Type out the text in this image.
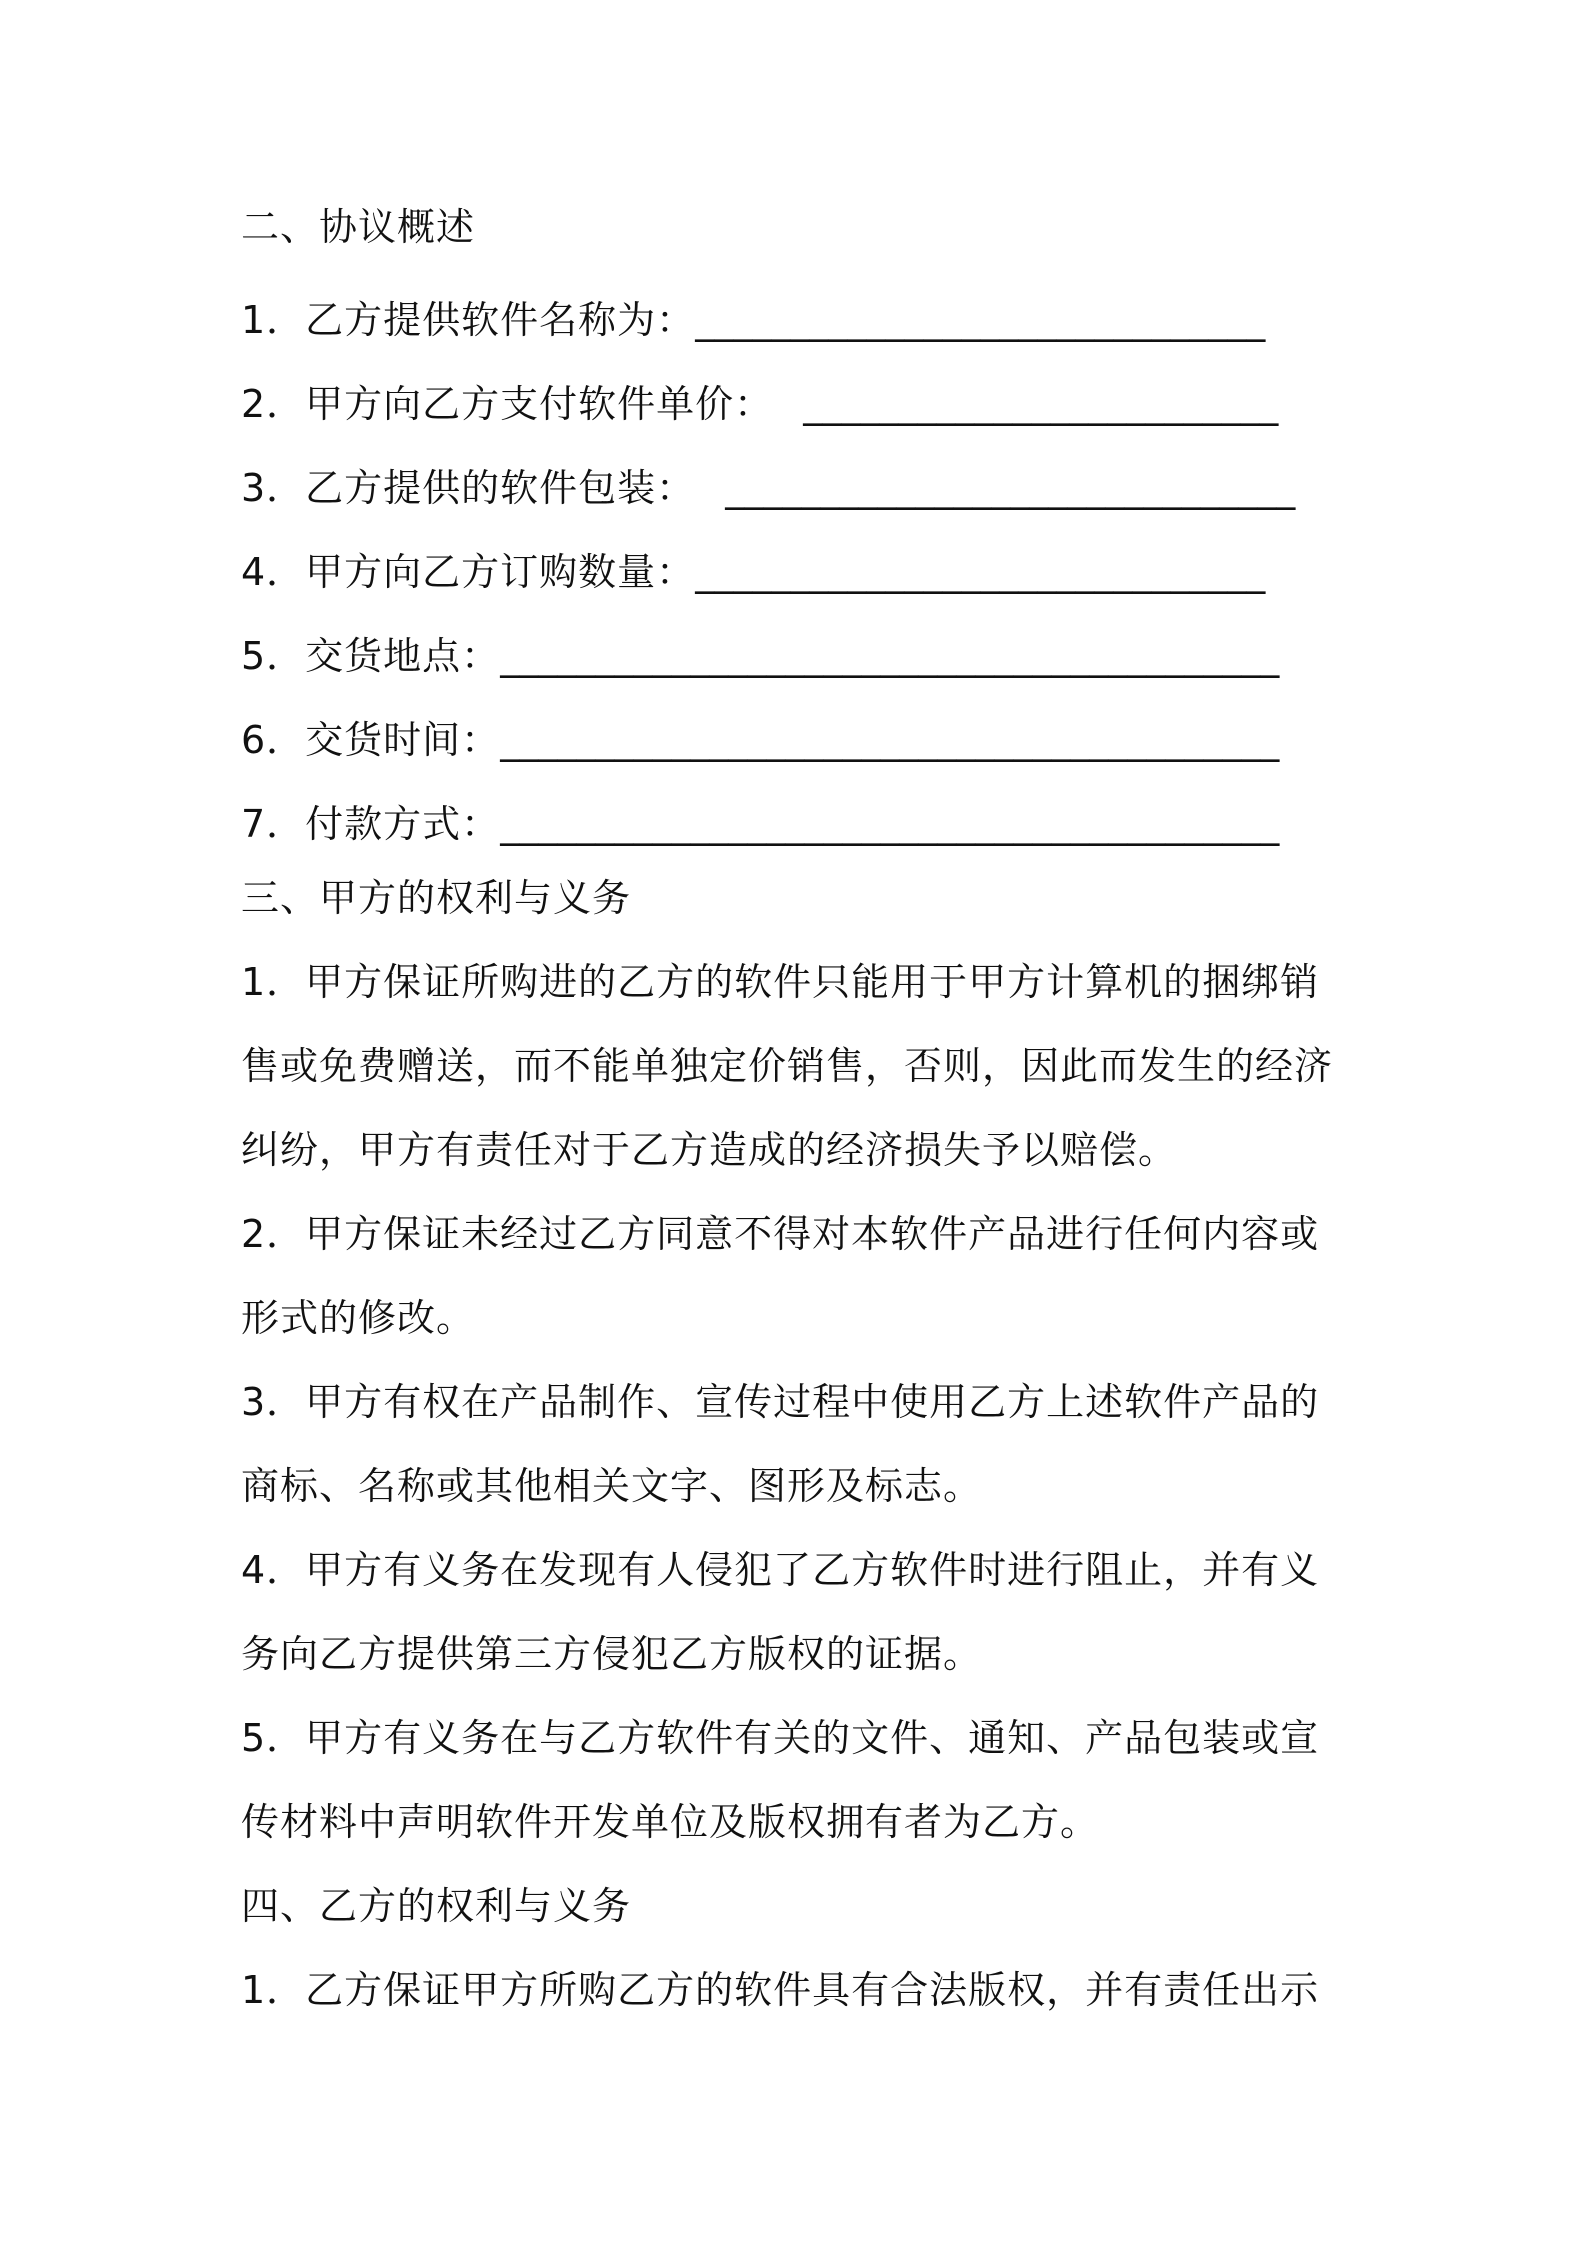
二、协议概述
1．乙方提供软件名称为：______________________________
2．甲方向乙方支付软件单价： _________________________
3．乙方提供的软件包装： ______________________________
4．甲方向乙方订购数量：______________________________
5．交货地点：_________________________________________
6．交货时间：_________________________________________
7．付款方式：_________________________________________
三、甲方的权利与义务
1．甲方保证所购进的乙方的软件只能用于甲方计算机的捆绑销
售或免费赠送，而不能单独定价销售，否则，因此而发生的经济
纠纷，甲方有责任对于乙方造成的经济损失予以赔偿。
2．甲方保证未经过乙方同意不得对本软件产品进行任何内容或
形式的修改。
3．甲方有权在产品制作、宣传过程中使用乙方上述软件产品的
商标、名称或其他相关文字、图形及标志。
4．甲方有义务在发现有人侵犯了乙方软件时进行阻止，并有义
务向乙方提供第三方侵犯乙方版权的证据。
5．甲方有义务在与乙方软件有关的文件、通知、产品包装或宣
传材料中声明软件开发单位及版权拥有者为乙方。
四、乙方的权利与义务
1．乙方保证甲方所购乙方的软件具有合法版权，并有责任出示
